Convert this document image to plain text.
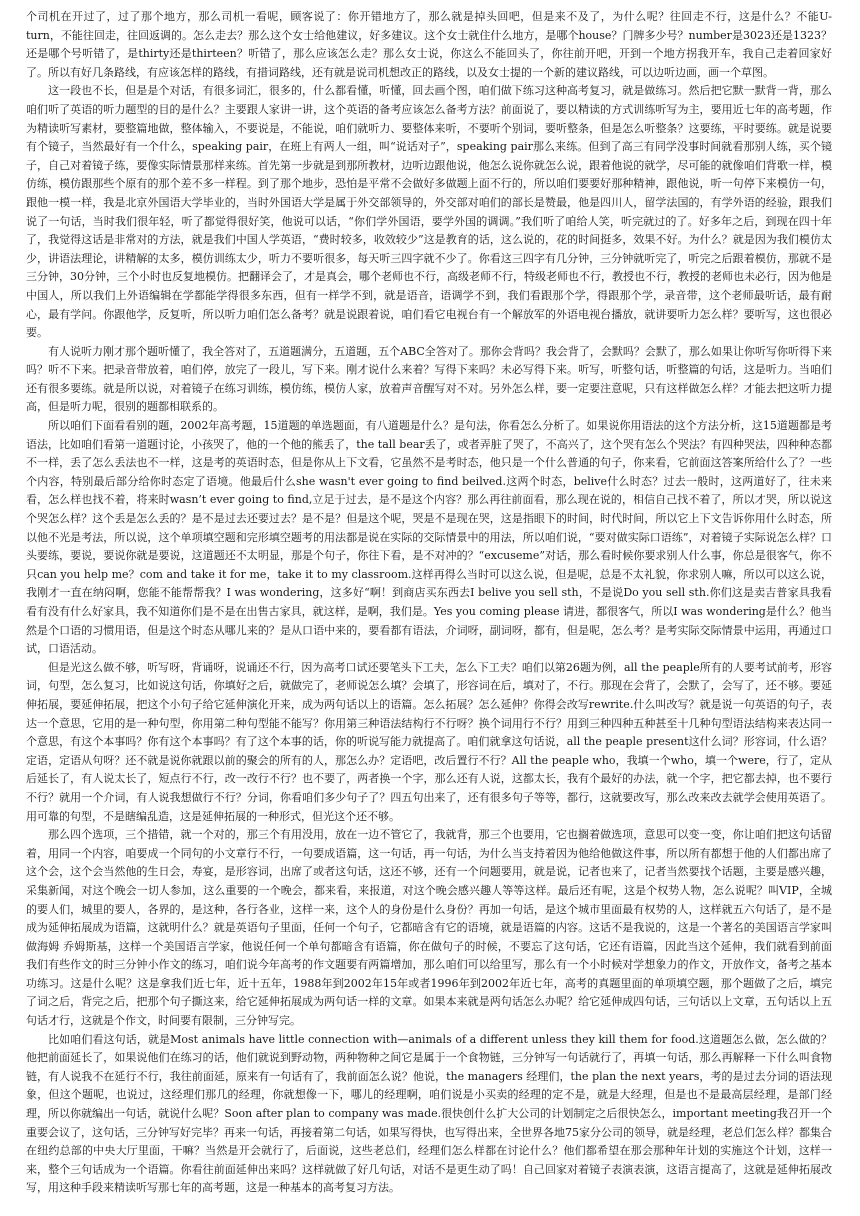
个司机在开过了，过了那个地方，那么司机一看呢，顾客说了：你开错地方了，那么就是掉头回吧，但是来不及了，为什么呢？往回走不行，这是什么？不能U-turn，不能往回走，往回返调的。怎么走去？那么这个女士给他建议，好多建议。这个女士就住什么地方，是哪个house？门牌多少号？number是3023还是1323？还是哪个号听错了，是thirty还是thirteen？听错了，那么应该怎么走？那么女士说，你这么不能回头了，你往前开吧，开到一个地方拐我开车，我自己走着回家好了。所以有好几条路线，有应该怎样的路线，有措词路线，还有就是说司机想改正的路线，以及女士提的一个新的建议路线，可以边听边画，画一个草图。

这一段也不长，但是是个对话，有很多词汇，很多的，什么都看懂，听懂，回去画个图，咱们做下练习这种高考复习，就是做练习。然后把它默一默背一背，那么咱们听了英语的听力题型的目的是什么？主要跟人家讲一讲，这个英语的备考应该怎么备考方法？前面说了，要以精读的方式训练听写为主，要用近七年的高考题，作为精读听写素材，要整篇地做，整体输入，不要说是，不能说，咱们就听力、要整体来听，不要听个别词，要听整条，但是怎么听整条？这要练，平时要练。就是说要有个镜子，当然最好有一个什么，speaking pair，在班上有两人一组，叫“说话对子”，speaking pair那么来练。但到了高三有同学没事时间就看那别人练，买个镜子，自己对着镜子练，要像实际情景那样来练。首先第一步就是到那所教材，边听边跟他说，他怎么说你就怎么说，跟着他说的就学，尽可能的就像咱们背歌一样，模仿练，模仿跟那些个原有的那个差不多一样程。到了那个地步，恐怕是平常不会做好多做题上面不行的，所以咱们要要好那种精神，跟他说，听一句停下来模仿一句，跟他一模一样，我是北京外国语大学毕业的，当时外国语大学是属于外交部领导的，外交部对咱们的部长是赞最，他是四川人，留学法国的，有学外语的经验，跟我们说了一句话，当时我们很年轻，听了都觉得很好笑，他说可以话，“你们学外国语，要学外国的调调。”我们听了咱给人笑，听完就过的了。好多年之后，到现在四十年了，我觉得这话是非常对的方法，就是我们中国人学英语，“费时较多，收效较少”这是教育的话，这么说的，花的时间挺多，效果不好。为什么？就是因为我们模仿太少，讲语法理论，讲精解的太多，模仿训练太少，听力不要听很多，每天听三四字就不少了。你看这三四字有几分钟，三分钟就听完了，听完之后跟着模仿，那就不是三分钟，30分钟，三个小时也反复地模仿。把翻译会了，才是真会，哪个老师也不行，高级老师不行，特级老师也不行，教授也不行，教授的老师也未必行，因为他是中国人，所以我们上外语编辑在学都能学得很多东西，但有一样学不到，就是语音，语调学不到，我们看跟那个学，得跟那个学，录音带，这个老师最听话，最有耐心，最有学问。你跟他学，反复听，所以听力咱们怎么备考？就是说跟着说，咱们看它电视台有一个解放军的外语电视台播放，就讲要听力怎么样？要听写，这也很必要。

有人说听力刚才那个题听懂了，我全答对了，五道题满分，五道题，五个ABC全答对了。那你会背吗？我会背了，会默吗？会默了，那么如果让你听写你听得下来吗？听不下来。把录音带放着，咱们停，放完了一段儿，写下来。刚才说什么来着？写得下来吗？未必写得下来。听写，听整句话，听整篇的句话，这是听力。当咱们还有很多要练。就是所以说，对着镜子在练习训练，模仿练，模仿人家，放着声音醒写对不对。另外怎么样，要一定要注意呢，只有这样做怎么样？才能去把这听力提高，但是听力呢，很别的题都相联系的。

所以咱们下面看看别的题，2002年高考题，15道题的单选题面，有八道题是什么？是句法，你看怎么分析了。如果说你用语法的这个方法分析，这15道题都是考语法，比如咱们看第一道题讨论，小孩哭了，他的一个他的熊丢了，the tall bear丢了，或者弄脏了哭了，不高兴了，这个哭有怎么个哭法？有四种哭法，四种种态都不一样，丢了怎么丢法也不一样，这是考的英语时态，但是你从上下文看，它虽然不是考时态，他只是一个什么普通的句子，你来看，它前面这答案所给什么了？一些个内容，特别最后部分给你时态定了语境。他最后什么she wasn't ever going to find beilved.这两个时态，belive什么时态？过去一般时，这两道好了，往未来看，怎么样也找不着，将来时wasn’t ever going to find,立足于过去，是不是这个内容？那么再往前面看，那么现在说的，相信自己找不着了，所以才哭，所以说这个哭怎么样？这个丢是怎么丢的？是不是过去还要过去？是不是？但是这个呢，哭是不是现在哭，这是指眼下的时间，时代时间，所以它上下文告诉你用什么时态，所以他不光是考法，所以说，这个单项填空题和完形填空题考的用法都是说在实际的交际情景中的用法，所以咱们说，“要对做实际口语练”，对着镜子实际说怎么样？口头要练，要说，要说你就是要说，这道题还不太明显，那是个句子，你往下看，是不对冲的？“excuseme”对话，那么看时候你要求别人什么事，你总是很客气，你不只can you help me？com and take it for me，take it to my classroom.这样再得么当时可以这么说，但是呢，总是不太礼貌，你求别人嘛，所以可以这么说，我刚才一直在纳闷啊，您能不能帮帮我？I was wondering，这多好“啊！到商店买东西去I belive you sell sth，不是说Do you sell sth.你们这是卖吉普家具我看看有没有什么好家具，我不知道你们是不是在出售古家具，就这样，是啊，我们是。Yes you coming please 请进，都很客气，所以I was wondering是什么？他当然是个口语的习惯用语，但是这个时态从哪儿来的？是从口语中来的，要看都有语法，介词呀，副词呀，都有，但是呢，怎么考？是考实际交际情景中运用，再通过口试，口语活动。

但是光这么做不够，听写呀，背诵呀，说诵还不行，因为高考口试还要笔头下工夫，怎么下工夫？咱们以第26题为例，all the peaple所有的人要考试前考，形容词，句型，怎么复习，比如说这句话，你填好之后，就做完了，老师说怎么填？会填了，形容词在后，填对了，不行。那现在会背了，会默了，会写了，还不够。要延伸拓展，要延伸拓展，把这个小句子给它延伸演化开来，成为两句话以上的语篇。怎么拓展？怎么延伸？你得会改写rewrite.什么叫改写？就是说一句英语的句子，表达一个意思，它用的是一种句型，你用第二种句型能不能写？你用第三种语法结构行不行呀？换个词用行不行？用到三种四种五种甚至十几种句型语法结构来表达同一个意思，有这个本事吗？你有这个本事吗？有了这个本事的话，你的听说写能力就提高了。咱们就拿这句话说，all the peaple present这什么词？形容词，什么语？定语，定语从句呀？还不就是说你就跟以前的聚会的所有的人，那怎么办？定语吧，改后置行不行？All the peaple who，我填一个who，填一个were，行了，定从后延长了，有人说太长了，短点行不行，改一改行不行？也不要了，两者换一个字，那么还有人说，这都太长，我有个最好的办法，就一个字，把它都去掉，也不要行不行？就用一个介词，有人说我想做行不行？分词，你看咱们多少句子了？四五句出来了，还有很多句子等等，都行，这就要改写，那么改来改去就学会使用英语了。用可靠的句型，不是瞎编乱造，这是延伸拓展的一种形式，但光这个还不够。

那么四个选项，三个措错，就一个对的，那三个有用没用，放在一边不管它了，我就背，那三个也要用，它也搁着做选项，意思可以变一变，你让咱们把这句话留着，用同一个内容，咱要成一个同句的小文章行不行，一句要成语篇，这一句话，再一句话，为什么当支持着因为他给他做这件事，所以所有都想于他的人们都出席了这个会，这个会当然他的生日会，寿宴，是形容词，出席了或者这句话，这还不够，还有一个问题要用，就是说，记者也来了，记者当然要找个话题，主要是感兴趣，采集新闻，对这个晚会一切人参加，这么重要的一个晚会，都来看，来报道，对这个晚会感兴趣人等等这样。最后还有呢，这是个权势人物，怎么说呢？叫VIP，全城的要人们，城里的要人，各界的，是这种，各行各业，这样一来，这个人的身份是什么身份？再加一句话，是这个城市里面最有权势的人，这样就五六句话了，是不是成为延伸拓展成为语篇，这就明什么？就是英语句子里面，任何一个句子，它都暗含有它的语境，就是语篇的内容。这话不是我说的，这是一个著名的美国语言学家叫做海姆 乔姆斯基，这样一个美国语言学家，他说任何一个单句都暗含有语篇，你在做句子的时候，不要忘了这句话，它还有语篇，因此当这个延伸，我们就看到前面我们有些作文的时三分钟小作文的练习，咱们说今年高考的作文题要有两篇增加，那么咱们可以给里写，那么有一个小时候对学想象力的作文，开放作文，备考之基本功练习。这是什么呢？这是拿我们近七年，近十五年，1988年到2002年15年或者1996年到2002年近七年，高考的真题里面的单项填空题，那个题做了之后，填完了词之后，背完之后，把那个句子撕这来，给它延伸拓展成为两句话一样的文章。如果本来就是两句话怎么办呢？给它延伸成四句话，三句话以上文章，五句话以上五句话才行，这就是个作文，时间要有限制，三分钟写完。

比如咱们看这句话，就是Most animals have little connection with—animals of a different unless they kill them for food.这道题怎么做，怎么做的？他把前面延长了，如果说他们在练习的话，他们就说到野动物，两种物种之间它是属于一个食物链，三分钟写一句话就行了，再填一句话，那么再解释一下什么叫食物链，有人说我不在延行不行，我往前面延，原来有一句话有了，我前面怎么说？他说，the managers 经理们，the plan the next years，考的是过去分词的语法现象，但这个题呢，也说过，这经理们那几的经理，你就想像一下，哪儿的经理啊，咱们说是小买卖的经理的定不是，就是大经理，但是也不是最高层经理，是部门经理，所以你就编出一句话，就说什么呢？Soon after plan to company was made.很快创什么扩大公司的计划制定之后很快怎么，important meeting我召开一个重要会议了，这句话，三分钟写好完毕？再来一句话，再接着第二句话，如果写得快，也写得出来，全世界各地75家分公司的领导，就是经理，老总们怎么样？都集合在纽约总部的中央大厅里面，干嘛？当然是开会就行了，后面说，这些老总们，经理们怎么样都在讨论什么？他们都希望在那会那种年计划的实施这个计划，这样一来，整个三句话成为一个语篇。你看往前面延伸出来吗？这样就做了好几句话，对话不是更生动了吗！自己回家对着镜子表演表演，这语言提高了，这就是延伸拓展改写，用这种手段来精读听写那七年的高考题，这是一种基本的高考复习方法。
